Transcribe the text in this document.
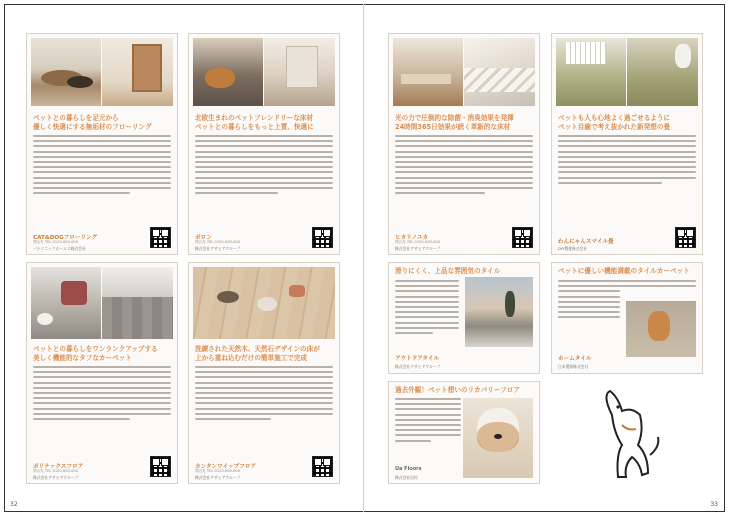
ペットとの暮らしを足元から
優しく快適にする無垢材のフローリング
CAT&DOGフローリング
問合先 TEL 0120-000-000
パナソニックホームズ株式会社
北欧生まれのペットフレンドリーな床材
ペットとの暮らしをもっと上質、快適に
ポロン
問合先 TEL 0120-000-000
株式会社アサヒアグループ
光の力で圧倒的な除菌・消臭効果を発揮
24時間365日効果が続く革新的な床材
ヒカリノユカ
問合先 TEL 0120-000-000
株式会社アサヒアグループ
ペットも人も心地よく過ごせるように
ペット目線で考え抜かれた新発想の畳
わんにゃんスマイル畳
DIY製畳株式会社
ペットとの暮らしをワンランクアップする
美しく機能的なタフなカーペット
ポリテックスフロア
問合先 TEL 0120-000-000
株式会社アサヒアグループ
洗練された天然木、天然石デザインの床が
上から重ね込むだけの簡単施工で完成
カンタンワイップフロア
問合先 TEL 0120-000-000
株式会社アサヒアグループ
滑りにくく、上品な雰囲気のタイル
アウトドアタイル
株式会社アサヒアグループ
ペットに優しい機能満載のタイルカーペット
ホームタイル
日本製紙株式会社
過去外観！ペット想いのリカバリーフロア
Ua Floors
株式会社田村
32	33
